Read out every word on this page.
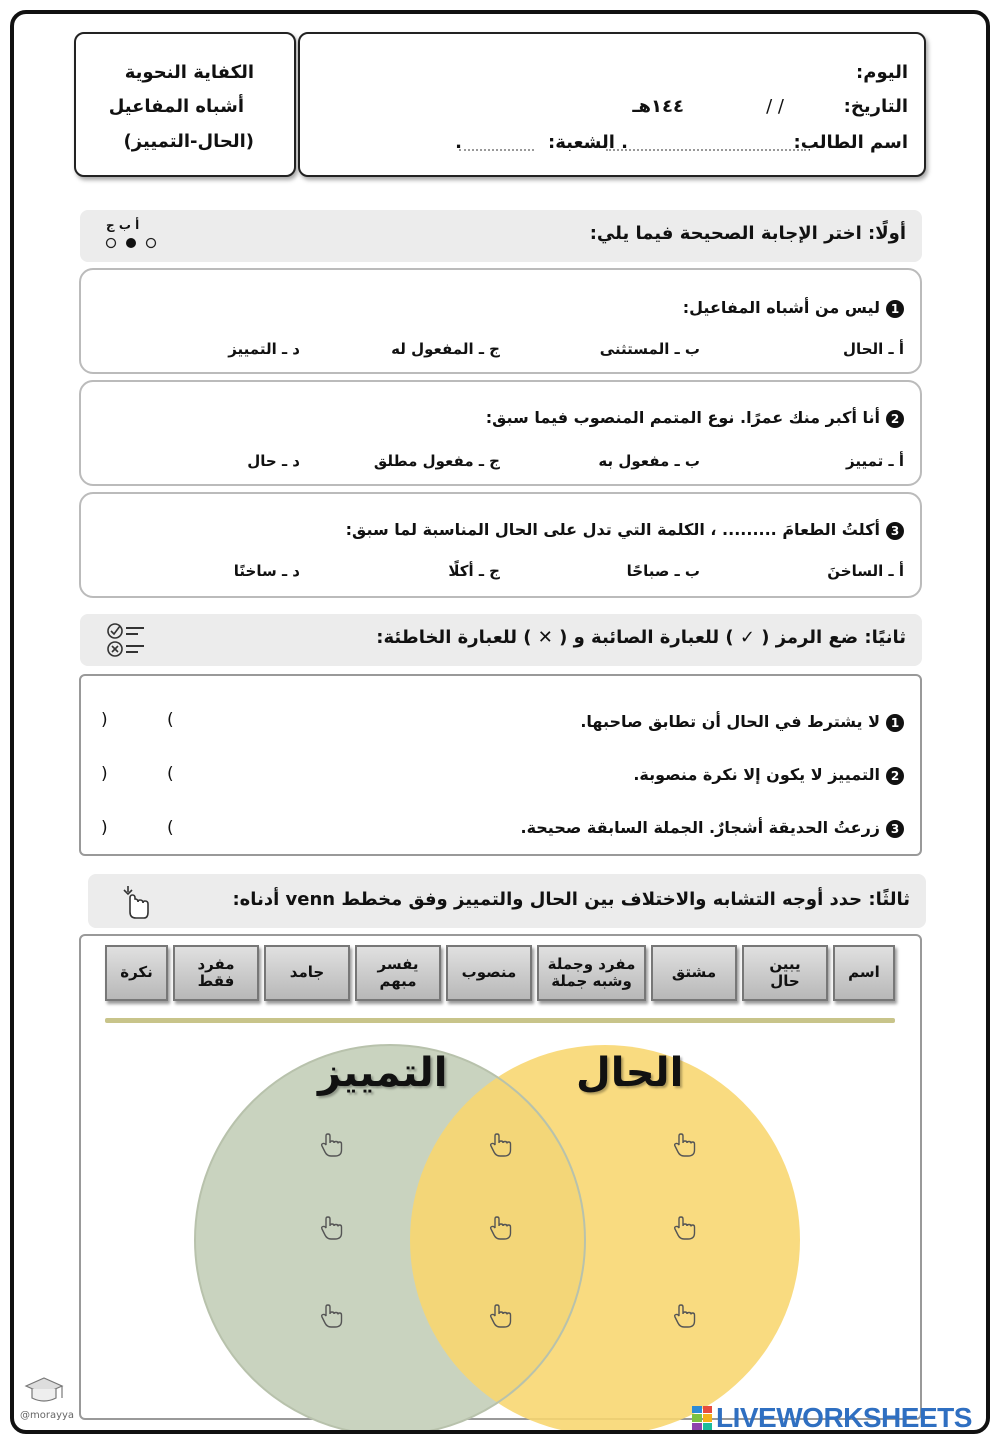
الكفاية النحوية
أشباه المفاعيل
(الحال-التمييز)
اليوم:
التاريخ:
/ /
١٤٤هـ
اسم الطالب:
. الشعبة:
.
أولًا: اختر الإجابة الصحيحة فيما يلي:
أ ب ج
1ليس من أشباه المفاعيل:
أ ـ الحال
ب ـ المستثنى
ج ـ المفعول له
د ـ التمييز
2أنا أكبر منك عمرًا. نوع المتمم المنصوب فيما سبق:
أ ـ تمييز
ب ـ مفعول به
ج ـ مفعول مطلق
د ـ حال
3أكلتُ الطعامَ ......... ، الكلمة التي تدل على الحال المناسبة لما سبق:
أ ـ الساخنَ
ب ـ صباحًا
ج ـ أكلًا
د ـ ساخنًا
ثانيًا: ضع الرمز ( ✓ ) للعبارة الصائبة و ( ✕ ) للعبارة الخاطئة:
1لا يشترط في الحال أن تطابق صاحبها.
(
)
2التمييز لا يكون إلا نكرة منصوبة.
(
)
3زرعتُ الحديقة أشجارٌ. الجملة السابقة صحيحة.
(
)
ثالثًا: حدد أوجه التشابه والاختلاف بين الحال والتمييز وفق مخطط venn أدناه:
اسم
يبين
حال
مشتق
مفرد وجملة
وشبه جملة
منصوب
يفسر
مبهم
جامد
مفرد
فقط
نكرة
التمييز	الحال
@morayya	LIVEWORKSHEETS
